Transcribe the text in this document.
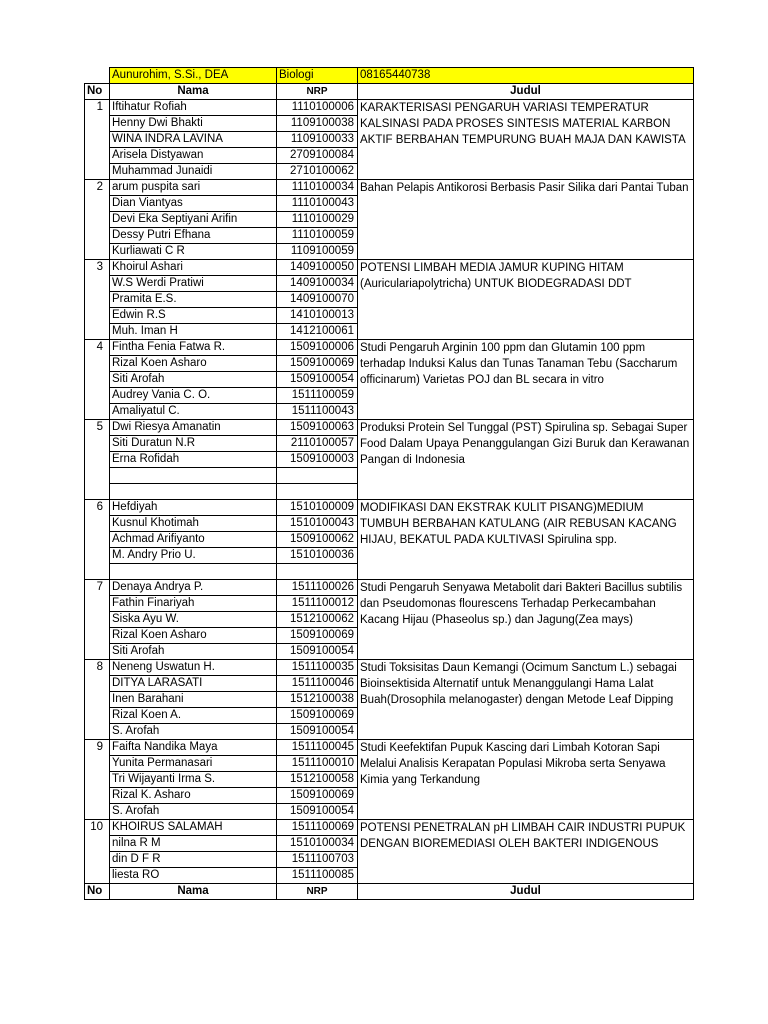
	Aunurohim, S.Si., DEA	Biologi	08165440738
No	Nama	NRP	Judul
1	Iftihatur Rofiah	1110100006	KARAKTERISASI PENGARUH VARIASI TEMPERATUR KALSINASI PADA PROSES SINTESIS MATERIAL KARBON AKTIF BERBAHAN TEMPURUNG BUAH MAJA DAN KAWISTA

	Henny Dwi Bhakti	1109100038	
	WINA INDRA LAVINA	1109100033	
	Arisela Distyawan	2709100084	
	Muhammad Junaidi	2710100062	
2	arum puspita sari	1110100034	Bahan Pelapis Antikorosi Berbasis Pasir Silika dari Pantai Tuban

	Dian Viantyas	1110100043	
	Devi Eka Septiyani Arifin	1110100029	
	Dessy Putri Efhana	1110100059	
	Kurliawati C R	1109100059	
3	Khoirul Ashari	1409100050	POTENSI LIMBAH MEDIA JAMUR KUPING HITAM (Auriculariapolytricha) UNTUK BIODEGRADASI DDT

	W.S Werdi Pratiwi	1409100034	
	Pramita E.S.	1409100070	
	Edwin R.S	1410100013	
	Muh. Iman H	1412100061	
4	Fintha Fenia Fatwa R.	1509100006	Studi Pengaruh Arginin 100 ppm dan Glutamin 100 ppm terhadap Induksi Kalus dan Tunas Tanaman Tebu (Saccharum officinarum) Varietas POJ dan BL secara in vitro

	Rizal Koen Asharo	1509100069	
	Siti Arofah	1509100054	
	Audrey Vania C. O.	1511100059	
	Amaliyatul C.	1511100043	
5	Dwi Riesya Amanatin	1509100063	Produksi Protein Sel Tunggal (PST) Spirulina sp. Sebagai Super Food Dalam Upaya Penanggulangan Gizi Buruk dan Kerawanan Pangan di Indonesia

	Siti Duratun N.R	2110100057	
	Erna Rofidah	1509100003	

6	Hefdiyah	1510100009	MODIFIKASI DAN EKSTRAK KULIT PISANG)MEDIUM TUMBUH BERBAHAN KATULANG (AIR REBUSAN KACANG HIJAU, BEKATUL PADA KULTIVASI Spirulina spp.

	Kusnul Khotimah	1510100043	
	Achmad Arifiyanto	1509100062	
	M. Andry Prio U.	1510100036	

7	Denaya Andrya P.	1511100026	Studi Pengaruh Senyawa Metabolit dari Bakteri Bacillus subtilis dan Pseudomonas flourescens Terhadap Perkecambahan Kacang Hijau (Phaseolus sp.) dan Jagung(Zea mays)

	Fathin Finariyah	1511100012	
	Siska Ayu W.	1512100062	
	Rizal Koen Asharo	1509100069	
	Siti Arofah	1509100054	
8	Neneng Uswatun H.	1511100035	Studi Toksisitas Daun Kemangi (Ocimum Sanctum L.) sebagai Bioinsektisida Alternatif untuk Menanggulangi Hama Lalat Buah(Drosophila melanogaster) dengan Metode Leaf Dipping

	DITYA LARASATI	1511100046	
	Inen Barahani	1512100038	
	Rizal Koen A.	1509100069	
	S. Arofah	1509100054	
9	Faifta Nandika Maya	1511100045	Studi Keefektifan Pupuk Kascing dari Limbah Kotoran Sapi Melalui Analisis Kerapatan Populasi Mikroba serta Senyawa Kimia yang Terkandung

	Yunita Permanasari	1511100010	
	Tri Wijayanti Irma S.	1512100058	
	Rizal K. Asharo	1509100069	
	S. Arofah	1509100054	
10	KHOIRUS SALAMAH	1511100069	POTENSI PENETRALAN pH LIMBAH CAIR INDUSTRI PUPUK DENGAN BIOREMEDIASI OLEH BAKTERI INDIGENOUS

	nilna R M	1510100034	
	din D F R	1511100703	
	liesta RO	1511100085	
No	Nama	NRP	Judul
